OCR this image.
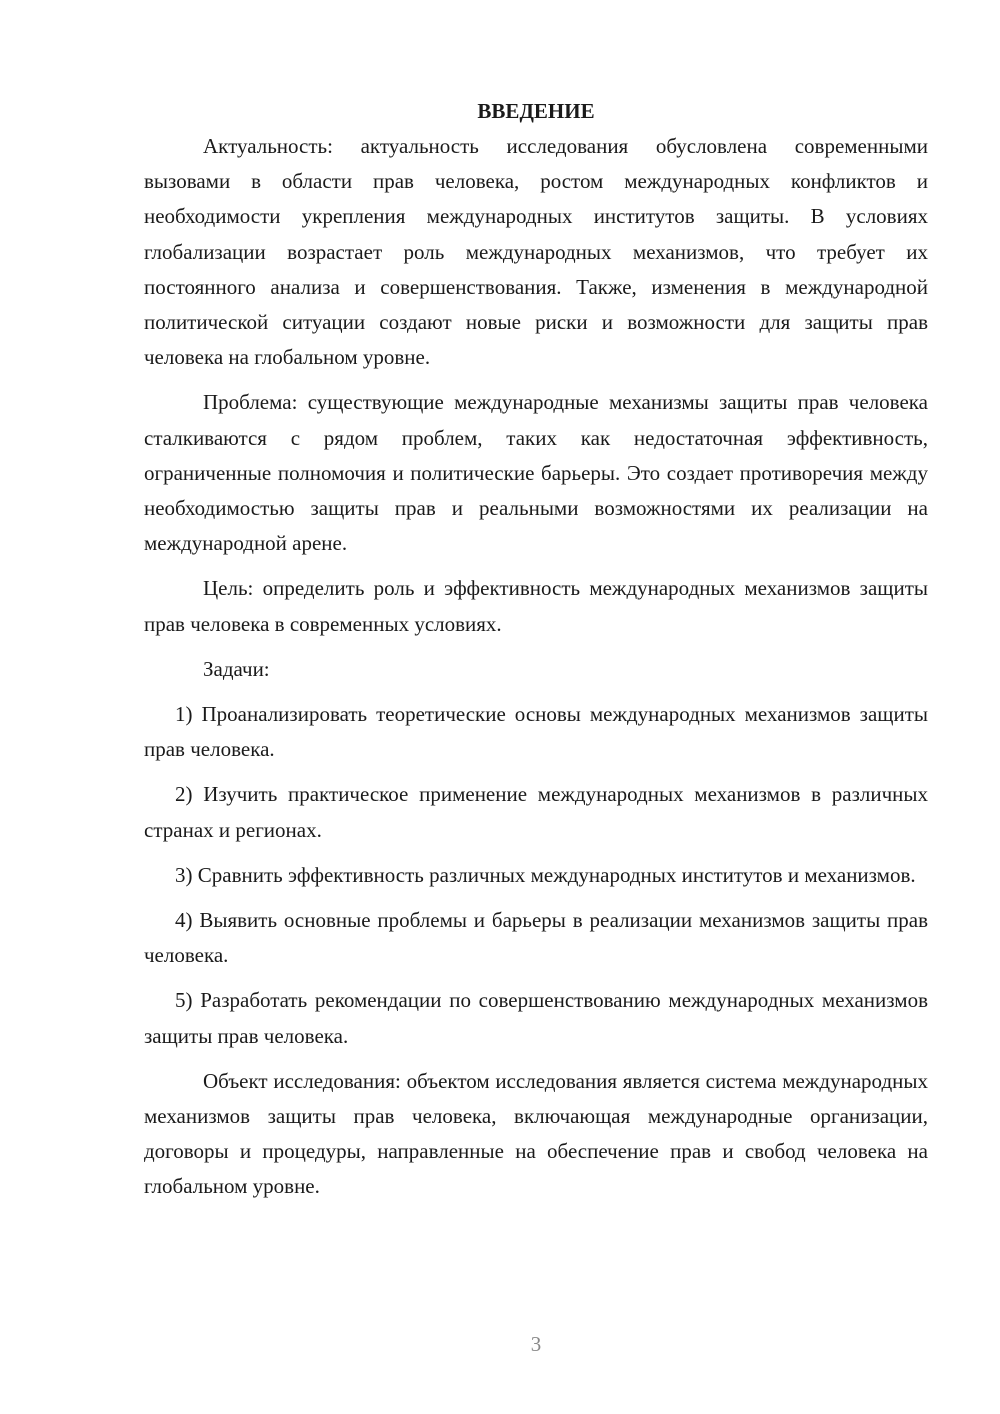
ВВЕДЕНИЕ

Актуальность: актуальность исследования обусловлена современными вызовами в области прав человека, ростом международных конфликтов и необходимости укрепления международных институтов защиты. В условиях глобализации возрастает роль международных механизмов, что требует их постоянного анализа и совершенствования. Также, изменения в международной политической ситуации создают новые риски и возможности для защиты прав человека на глобальном уровне.

Проблема: существующие международные механизмы защиты прав человека сталкиваются с рядом проблем, таких как недостаточная эффективность, ограниченные полномочия и политические барьеры. Это создает противоречия между необходимостью защиты прав и реальными возможностями их реализации на международной арене.

Цель: определить роль и эффективность международных механизмов защиты прав человека в современных условиях.

Задачи:

1) Проанализировать теоретические основы международных механизмов защиты прав человека.

2) Изучить практическое применение международных механизмов в различных странах и регионах.

3) Сравнить эффективность различных международных институтов и механизмов.

4) Выявить основные проблемы и барьеры в реализации механизмов защиты прав человека.

5) Разработать рекомендации по совершенствованию международных механизмов защиты прав человека.

Объект исследования: объектом исследования является система международных механизмов защиты прав человека, включающая международные организации, договоры и процедуры, направленные на обеспечение прав и свобод человека на глобальном уровне.

3
